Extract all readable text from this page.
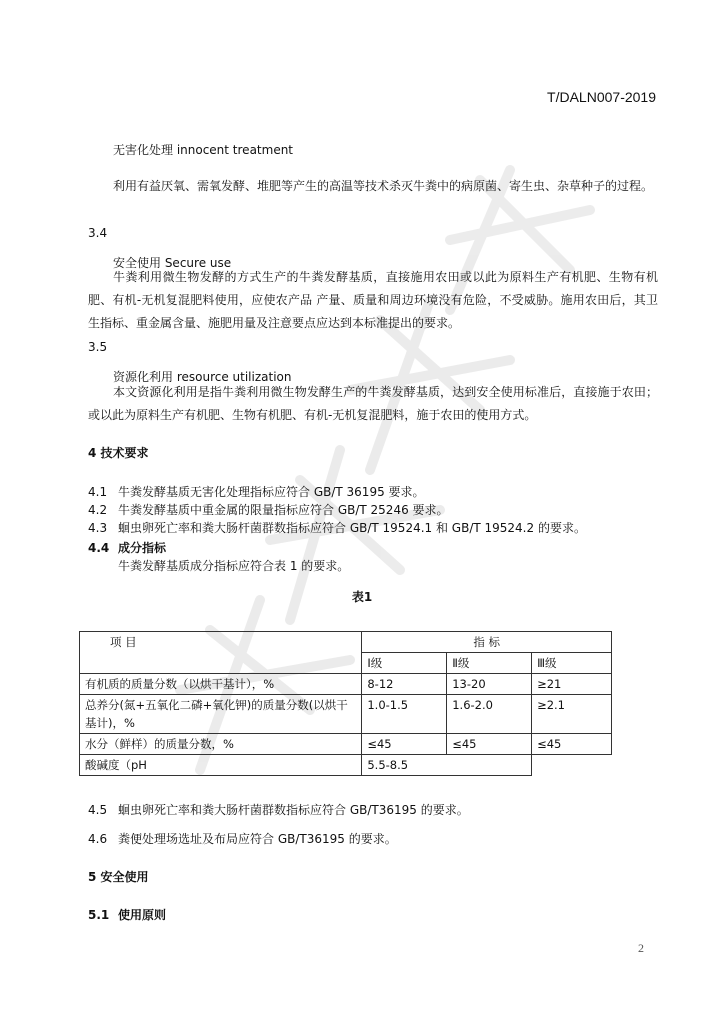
T/DALN007-2019
无害化处理 innocent treatment
利用有益厌氧、需氧发酵、堆肥等产生的高温等技术杀灭牛粪中的病原菌、寄生虫、杂草种子的过程。
3.4
安全使用 Secure use
牛粪利用微生物发酵的方式生产的牛粪发酵基质，直接施用农田或以此为原料生产有机肥、生物有机肥、有机-无机复混肥料使用，应使农产品 产量、质量和周边环境没有危险，不受威胁。施用农田后，其卫生指标、重金属含量、施肥用量及注意要点应达到本标准提出的要求。
3.5
资源化利用 resource utilization
本文资源化利用是指牛粪利用微生物发酵生产的牛粪发酵基质，达到安全使用标准后，直接施于农田；或以此为原料生产有机肥、生物有机肥、有机-无机复混肥料，施于农田的使用方式。
4 技术要求
4.1 牛粪发酵基质无害化处理指标应符合 GB/T 36195 要求。
4.2 牛粪发酵基质中重金属的限量指标应符合 GB/T 25246 要求。
4.3 蛔虫卵死亡率和粪大肠杆菌群数指标应符合 GB/T 19524.1 和 GB/T 19524.2 的要求。
4.4 成分指标
牛粪发酵基质成分指标应符合表 1 的要求。
表1
项 目	指 标		
	Ⅰ级	Ⅱ级	Ⅲ级
有机质的质量分数（以烘干基计），%	8-12	13-20	≥21
总养分(氮+五氧化二磷+氧化钾)的质量分数(以烘干基计)，%	1.0-1.5	1.6-2.0	≥2.1
水分（鲜样）的质量分数，%	≤45	≤45	≤45
酸碱度（pH	5.5-8.5		
4.5 蛔虫卵死亡率和粪大肠杆菌群数指标应符合 GB/T36195 的要求。
4.6 粪便处理场选址及布局应符合 GB/T36195 的要求。
5 安全使用
5.1 使用原则
2
